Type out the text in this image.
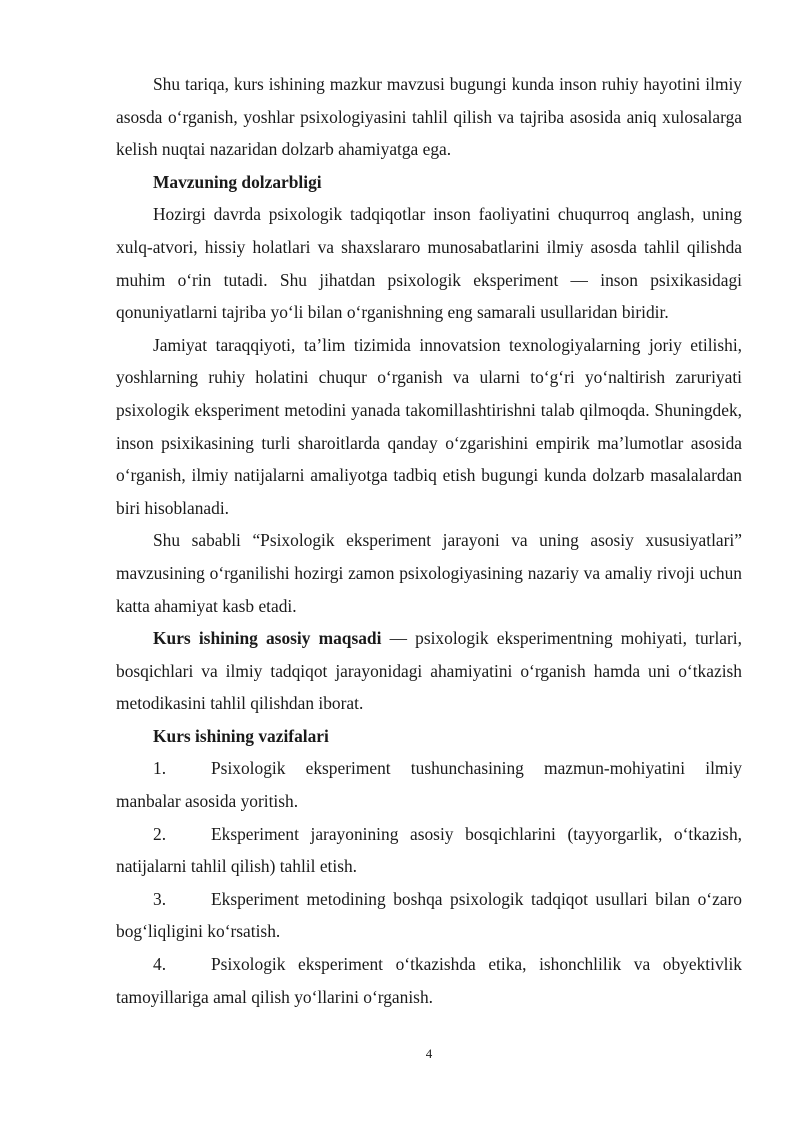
Shu tariqa, kurs ishining mazkur mavzusi bugungi kunda inson ruhiy hayotini ilmiy asosda o‘rganish, yoshlar psixologiyasini tahlil qilish va tajriba asosida aniq xulosalarga kelish nuqtai nazaridan dolzarb ahamiyatga ega.

Mavzuning dolzarbligi

Hozirgi davrda psixologik tadqiqotlar inson faoliyatini chuqurroq anglash, uning xulq-atvori, hissiy holatlari va shaxslararo munosabatlarini ilmiy asosda tahlil qilishda muhim o‘rin tutadi. Shu jihatdan psixologik eksperiment — inson psixikasidagi qonuniyatlarni tajriba yo‘li bilan o‘rganishning eng samarali usullaridan biridir.

Jamiyat taraqqiyoti, ta’lim tizimida innovatsion texnologiyalarning joriy etilishi, yoshlarning ruhiy holatini chuqur o‘rganish va ularni to‘g‘ri yo‘naltirish zaruriyati psixologik eksperiment metodini yanada takomillashtirishni talab qilmoqda. Shuningdek, inson psixikasining turli sharoitlarda qanday o‘zgarishini empirik ma’lumotlar asosida o‘rganish, ilmiy natijalarni amaliyotga tadbiq etish bugungi kunda dolzarb masalalardan biri hisoblanadi.

Shu sababli “Psixologik eksperiment jarayoni va uning asosiy xususiyatlari” mavzusining o‘rganilishi hozirgi zamon psixologiyasining nazariy va amaliy rivoji uchun katta ahamiyat kasb etadi.

Kurs ishining asosiy maqsadi — psixologik eksperimentning mohiyati, turlari, bosqichlari va ilmiy tadqiqot jarayonidagi ahamiyatini o‘rganish hamda uni o‘tkazish metodikasini tahlil qilishdan iborat.

Kurs ishining vazifalari

1.	Psixologik eksperiment tushunchasining mazmun-mohiyatini ilmiy manbalar asosida yoritish.

2.	Eksperiment jarayonining asosiy bosqichlarini (tayyorgarlik, o‘tkazish, natijalarni tahlil qilish) tahlil etish.

3.	Eksperiment metodining boshqa psixologik tadqiqot usullari bilan o‘zaro bog‘liqligini ko‘rsatish.

4.	Psixologik eksperiment o‘tkazishda etika, ishonchlilik va obyektivlik tamoyillariga amal qilish yo‘llarini o‘rganish.

4
